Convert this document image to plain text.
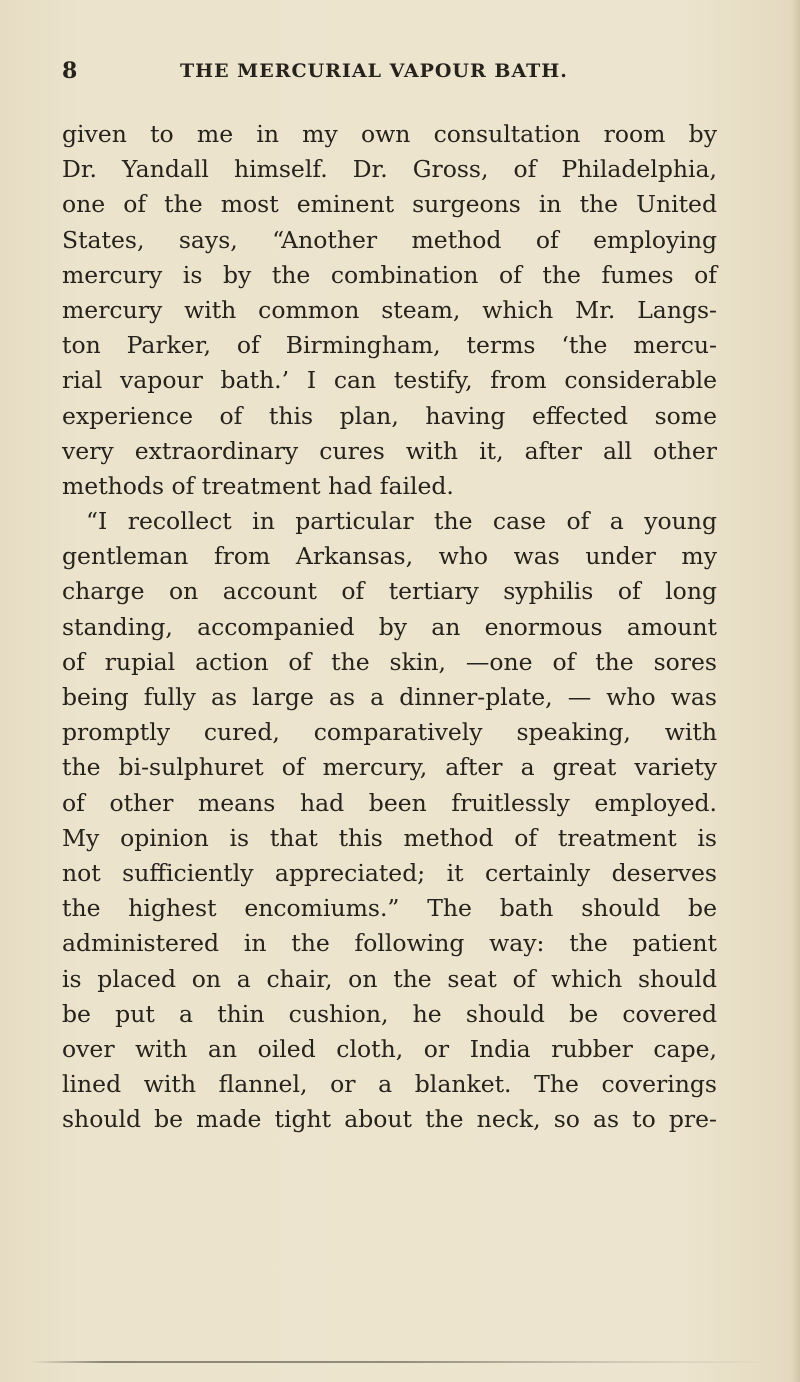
8	THE MERCURIAL VAPOUR BATH.
given to me in my own consultation room by
Dr. Yandall himself. Dr. Gross, of Philadelphia,
one of the most eminent surgeons in the United
States, says, “Another method of employing
mercury is by the combination of the fumes of
mercury with common steam, which Mr. Langs-
ton Parker, of Birmingham, terms ‘the mercu-
rial vapour bath.’ I can testify, from considerable
experience of this plan, having effected some
very extraordinary cures with it, after all other
methods of treatment had failed.
“I recollect in particular the case of a young
gentleman from Arkansas, who was under my
charge on account of tertiary syphilis of long
standing, accompanied by an enormous amount
of rupial action of the skin, —one of the sores
being fully as large as a dinner-plate, — who was
promptly cured, comparatively speaking, with
the bi-sulphuret of mercury, after a great variety
of other means had been fruitlessly employed.
My opinion is that this method of treatment is
not sufficiently appreciated; it certainly deserves
the highest encomiums.” The bath should be
administered in the following way: the patient
is placed on a chair, on the seat of which should
be put a thin cushion, he should be covered
over with an oiled cloth, or India rubber cape,
lined with flannel, or a blanket. The coverings
should be made tight about the neck, so as to pre-
